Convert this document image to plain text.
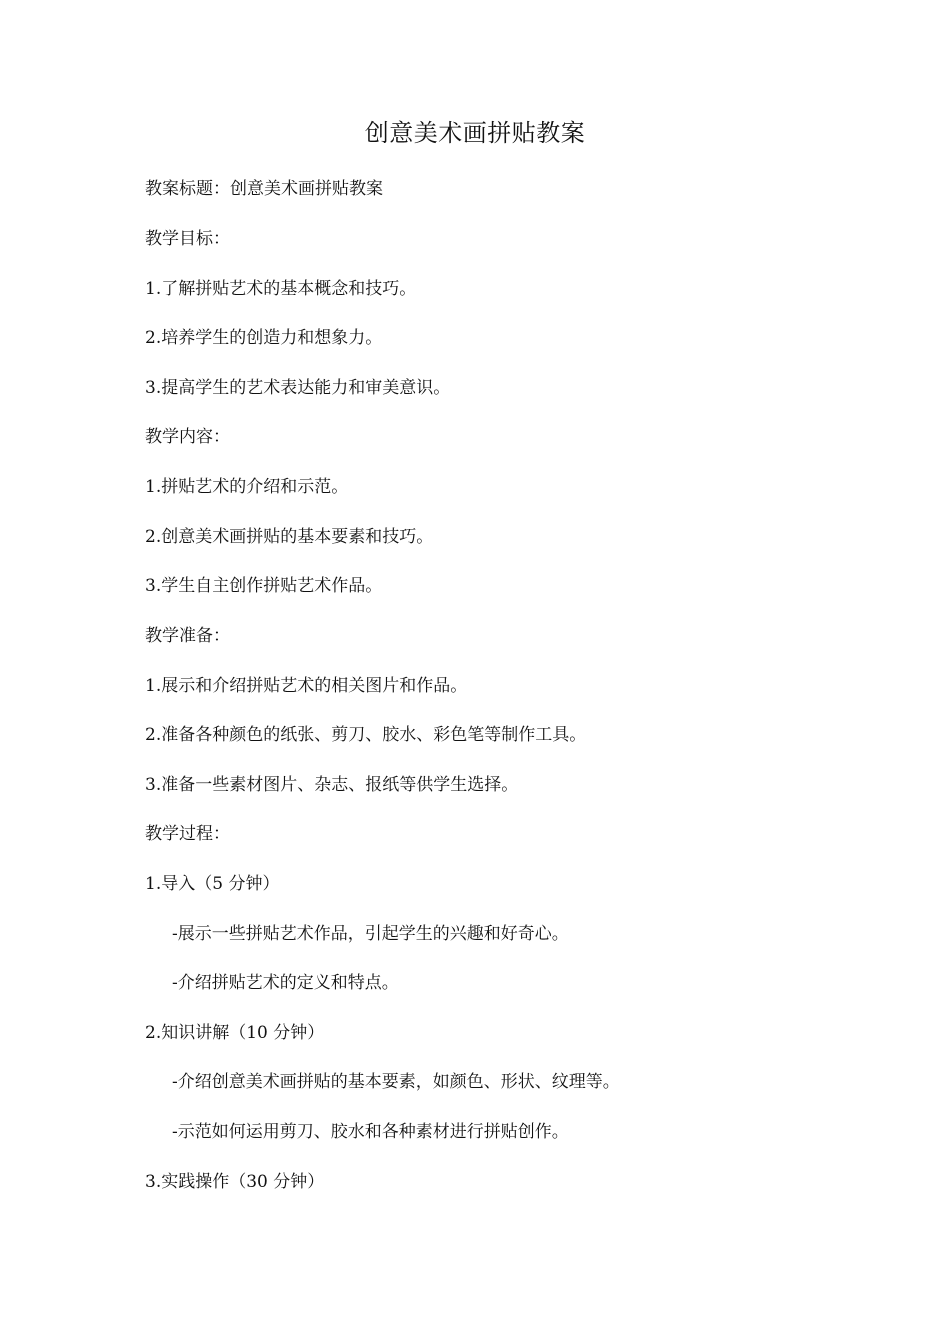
创意美术画拼贴教案
教案标题：创意美术画拼贴教案
教学目标：
1.了解拼贴艺术的基本概念和技巧。
2.培养学生的创造力和想象力。
3.提高学生的艺术表达能力和审美意识。
教学内容：
1.拼贴艺术的介绍和示范。
2.创意美术画拼贴的基本要素和技巧。
3.学生自主创作拼贴艺术作品。
教学准备：
1.展示和介绍拼贴艺术的相关图片和作品。
2.准备各种颜色的纸张、剪刀、胶水、彩色笔等制作工具。
3.准备一些素材图片、杂志、报纸等供学生选择。
教学过程：
1.导入（5 分钟）
-展示一些拼贴艺术作品，引起学生的兴趣和好奇心。
-介绍拼贴艺术的定义和特点。
2.知识讲解（10 分钟）
-介绍创意美术画拼贴的基本要素，如颜色、形状、纹理等。
-示范如何运用剪刀、胶水和各种素材进行拼贴创作。
3.实践操作（30 分钟）
